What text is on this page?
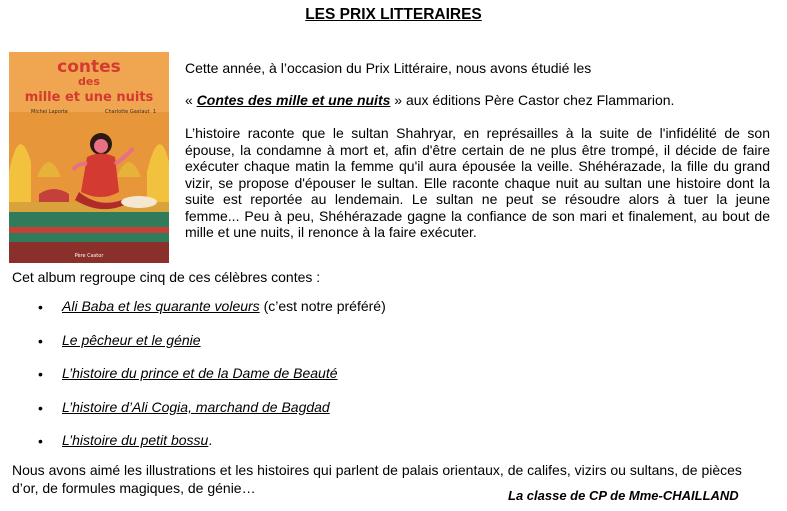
LES PRIX LITTERAIRES
contes
des
mille et une nuits
Michel Laporte	Charlotte Gastaut 1
Père Castor

Cette année, à l’occasion du Prix Littéraire, nous avons étudié les

« Contes des mille et une nuits » aux éditions Père Castor chez Flammarion.

L’histoire raconte que le sultan Shahryar, en représailles à la suite de l'infidélité de son
épouse, la condamne à mort et, afin d'être certain de ne plus être trompé, il décide de faire
exécuter chaque matin la femme qu'il aura épousée la veille. Shéhérazade, la fille du grand
vizir, se propose d'épouser le sultan. Elle raconte chaque nuit au sultan une histoire dont la
suite est reportée au lendemain. Le sultan ne peut se résoudre alors à tuer la jeune
femme... Peu à peu, Shéhérazade gagne la confiance de son mari et finalement, au bout de
mille et une nuits, il renonce à la faire exécuter.

Cet album regroupe cinq de ces célèbres contes :

• Ali Baba et les quarante voleurs (c’est notre préféré)
• Le pêcheur et le génie
• L’histoire du prince et de la Dame de Beauté
• L’histoire d’Ali Cogia, marchand de Bagdad
• L’histoire du petit bossu.

Nous avons aimé les illustrations et les histoires qui parlent de palais orientaux, de califes, vizirs ou sultans, de pièces d’or, de formules magiques, de génie…	La classe de CP de Mme-CHAILLAND
